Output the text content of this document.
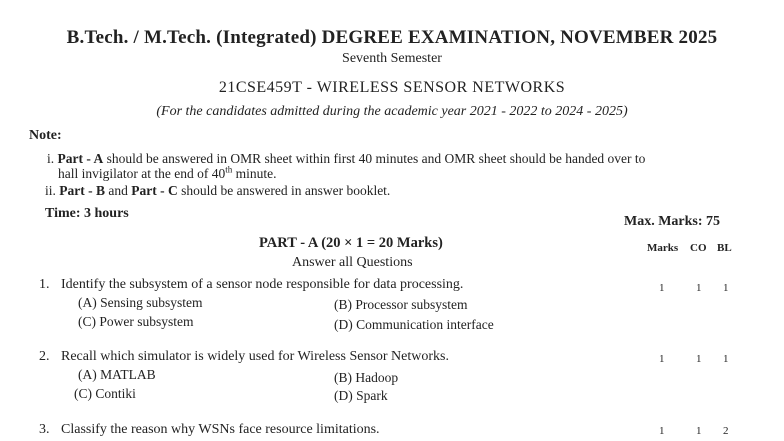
B.Tech. / M.Tech. (Integrated) DEGREE EXAMINATION, NOVEMBER 2025
Seventh Semester
21CSE459T - WIRELESS SENSOR NETWORKS
(For the candidates admitted during the academic year 2021 - 2022 to 2024 - 2025)
Note:
i. Part - A should be answered in OMR sheet within first 40 minutes and OMR sheet should be handed over to
hall invigilator at the end of 40th minute.
ii. Part - B and Part - C should be answered in answer booklet.
Time: 3 hours
Max. Marks: 75
PART - A (20 × 1 = 20 Marks)
Answer all Questions
Marks CO BL
1. Identify the subsystem of a sensor node responsible for data processing.
(A) Sensing subsystem	(B) Processor subsystem
(C) Power subsystem	(D) Communication interface
1	1 1
2. Recall which simulator is widely used for Wireless Sensor Networks.
(A) MATLAB	(B) Hadoop
(C) Contiki	(D) Spark
1	1 1
3. Classify the reason why WSNs face resource limitations.	1	1 2
